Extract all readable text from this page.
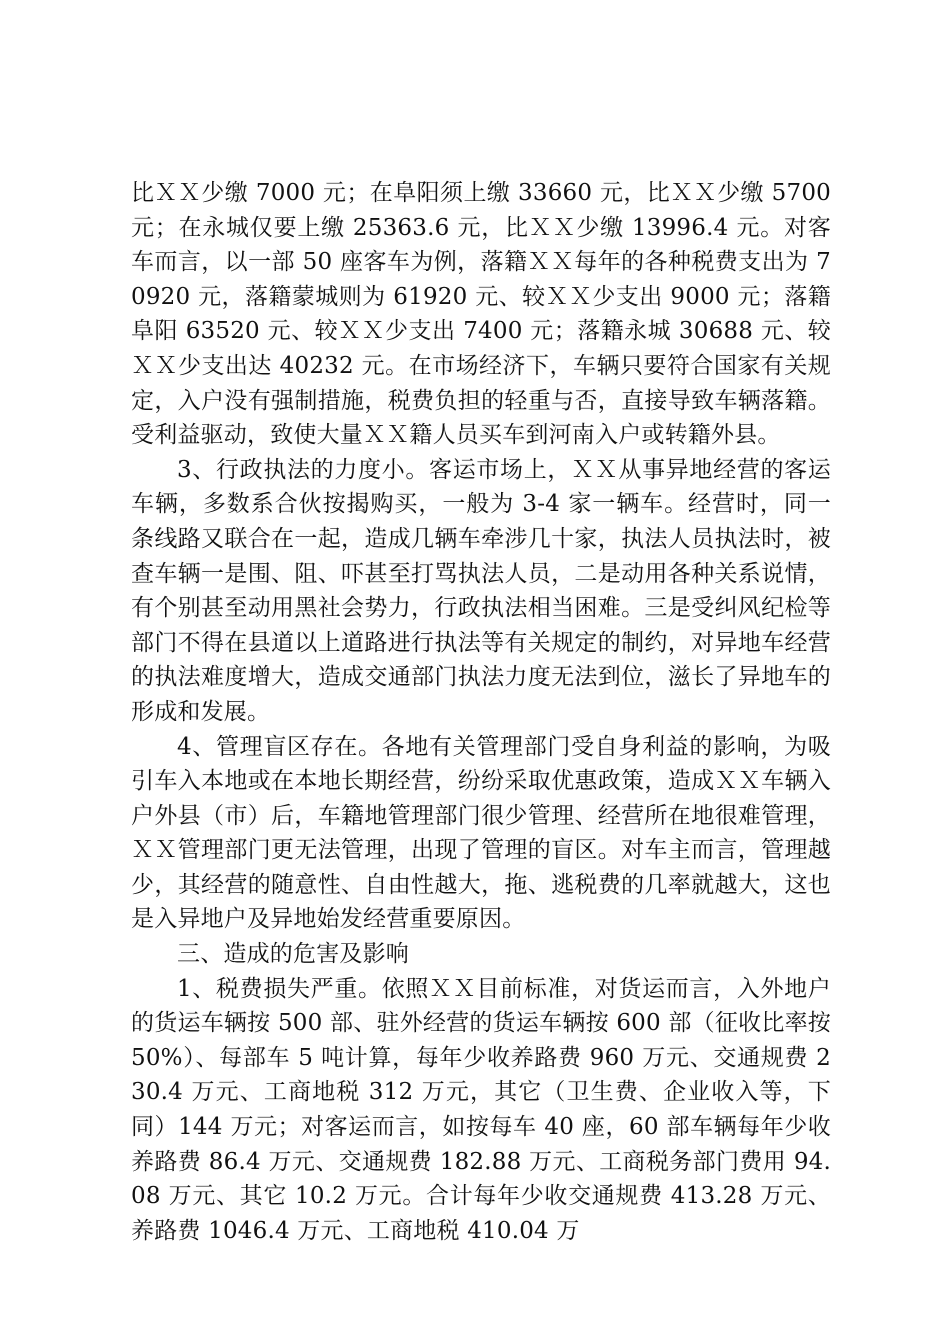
比ＸＸ少缴 7000 元；在阜阳须上缴 33660 元，比ＸＸ少缴 5700 元；在永城仅要上缴 25363.6 元，比ＸＸ少缴 13996.4 元。对客车而言，以一部 50 座客车为例，落籍ＸＸ每年的各种税费支出为 70920 元，落籍蒙城则为 61920 元、较ＸＸ少支出 9000 元；落籍阜阳 63520 元、较ＸＸ少支出 7400 元；落籍永城 30688 元、较ＸＸ少支出达 40232 元。在市场经济下，车辆只要符合国家有关规定，入户没有强制措施，税费负担的轻重与否，直接导致车辆落籍。受利益驱动，致使大量ＸＸ籍人员买车到河南入户或转籍外县。

3、行政执法的力度小。客运市场上，ＸＸ从事异地经营的客运车辆，多数系合伙按揭购买，一般为 3-4 家一辆车。经营时，同一条线路又联合在一起，造成几辆车牵涉几十家，执法人员执法时，被查车辆一是围、阻、吓甚至打骂执法人员，二是动用各种关系说情，有个别甚至动用黑社会势力，行政执法相当困难。三是受纠风纪检等部门不得在县道以上道路进行执法等有关规定的制约，对异地车经营的执法难度增大，造成交通部门执法力度无法到位，滋长了异地车的形成和发展。

4、管理盲区存在。各地有关管理部门受自身利益的影响，为吸引车入本地或在本地长期经营，纷纷采取优惠政策，造成ＸＸ车辆入户外县（市）后，车籍地管理部门很少管理、经营所在地很难管理，ＸＸ管理部门更无法管理，出现了管理的盲区。对车主而言，管理越少，其经营的随意性、自由性越大，拖、逃税费的几率就越大，这也是入异地户及异地始发经营重要原因。

三、造成的危害及影响

1、税费损失严重。依照ＸＸ目前标准，对货运而言，入外地户的货运车辆按 500 部、驻外经营的货运车辆按 600 部（征收比率按 50%）、每部车 5 吨计算，每年少收养路费 960 万元、交通规费 230.4 万元、工商地税 312 万元，其它（卫生费、企业收入等，下同）144 万元；对客运而言，如按每车 40 座，60 部车辆每年少收养路费 86.4 万元、交通规费 182.88 万元、工商税务部门费用 94.08 万元、其它 10.2 万元。合计每年少收交通规费 413.28 万元、养路费 1046.4 万元、工商地税 410.04 万
